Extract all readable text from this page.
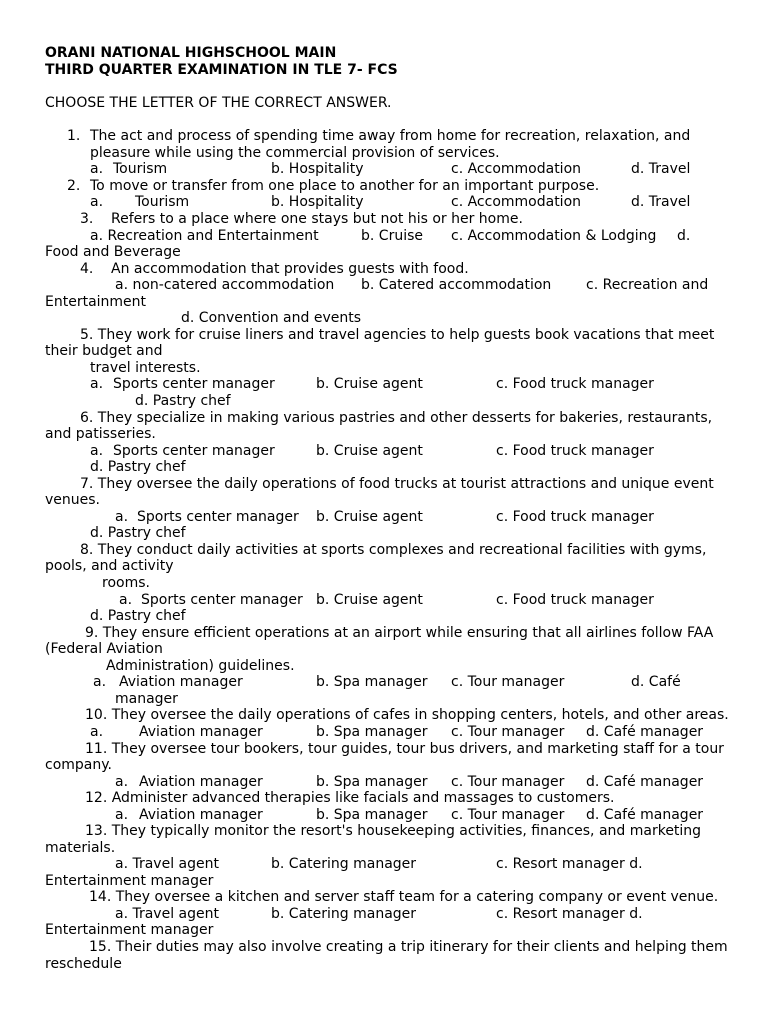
ORANI NATIONAL HIGHSCHOOL MAIN
THIRD QUARTER EXAMINATION IN TLE 7- FCS
CHOOSE THE LETTER OF THE CORRECT ANSWER.
1. The act and process of spending time away from home for recreation, relaxation, and
pleasure while using the commercial provision of services.
a. Tourism	b. Hospitality	c. Accommodation	d. Travel
2. To move or transfer from one place to another for an important purpose.
a. Tourism	b. Hospitality	c. Accommodation	d. Travel
3. Refers to a place where one stays but not his or her home.
a. Recreation and Entertainment	b. Cruise c. Accommodation & Lodging d.
Food and Beverage
4. An accommodation that provides guests with food.
a. non-catered accommodation b. Catered accommodation c. Recreation and
Entertainment
d. Convention and events
5. They work for cruise liners and travel agencies to help guests book vacations that meet
their budget and
travel interests.
a. Sports center manager	b. Cruise agent	c. Food truck manager
d. Pastry chef
6. They specialize in making various pastries and other desserts for bakeries, restaurants,
and patisseries.
a. Sports center manager	b. Cruise agent	c. Food truck manager
d. Pastry chef
7. They oversee the daily operations of food trucks at tourist attractions and unique event
venues.
a. Sports center manager b. Cruise agent	c. Food truck manager
d. Pastry chef
8. They conduct daily activities at sports complexes and recreational facilities with gyms,
pools, and activity
rooms.
a. Sports center manager b. Cruise agent	c. Food truck manager
d. Pastry chef
9. They ensure efficient operations at an airport while ensuring that all airlines follow FAA
(Federal Aviation
Administration) guidelines.
a. Aviation manager	b. Spa manager c. Tour manager	d. Café
manager
10. They oversee the daily operations of cafes in shopping centers, hotels, and other areas.
a.	Aviation manager	b. Spa manager c. Tour manager d. Café manager
11. They oversee tour bookers, tour guides, tour bus drivers, and marketing staff for a tour
company.
a. Aviation manager	b. Spa manager c. Tour manager d. Café manager
12. Administer advanced therapies like facials and massages to customers.
a. Aviation manager	b. Spa manager c. Tour manager d. Café manager
13. They typically monitor the resort's housekeeping activities, finances, and marketing
materials.
a. Travel agent	b. Catering manager	c. Resort manager d.
Entertainment manager
14. They oversee a kitchen and server staff team for a catering company or event venue.
a. Travel agent	b. Catering manager	c. Resort manager d.
Entertainment manager
15. Their duties may also involve creating a trip itinerary for their clients and helping them
reschedule
